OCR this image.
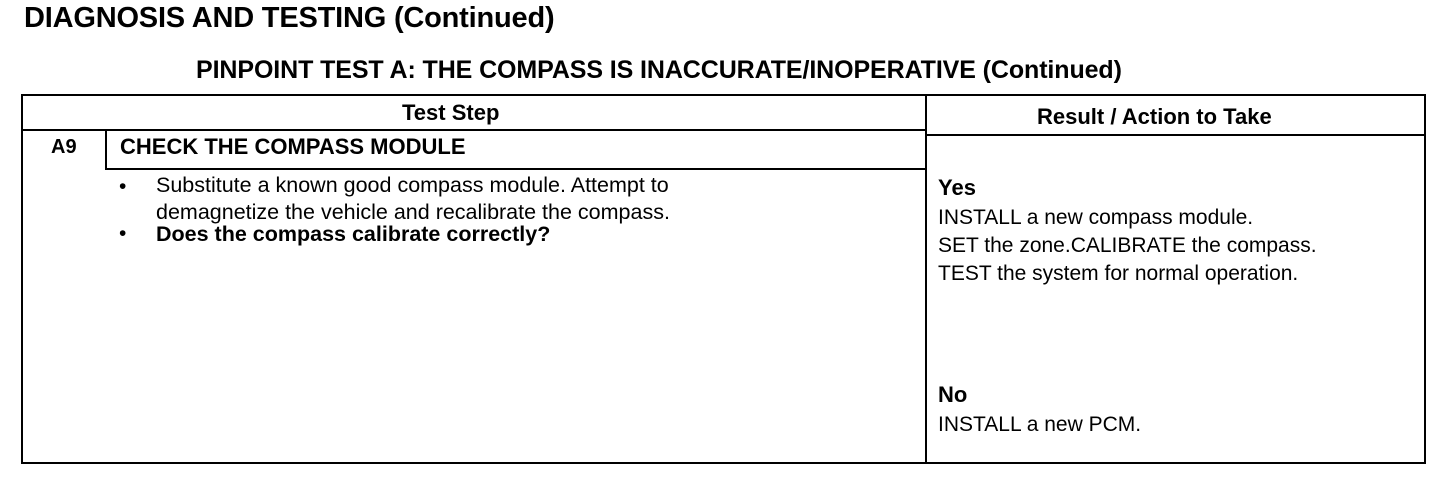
DIAGNOSIS AND TESTING (Continued)
PINPOINT TEST A: THE COMPASS IS INACCURATE/INOPERATIVE (Continued)
Test Step	Result / Action to Take
A9 CHECK THE COMPASS MODULE
• Substitute a known good compass module. Attempt to
demagnetize the vehicle and recalibrate the compass.
• Does the compass calibrate correctly?
Yes
INSTALL a new compass module.
SET the zone.CALIBRATE the compass.
TEST the system for normal operation.
No
INSTALL a new PCM.
